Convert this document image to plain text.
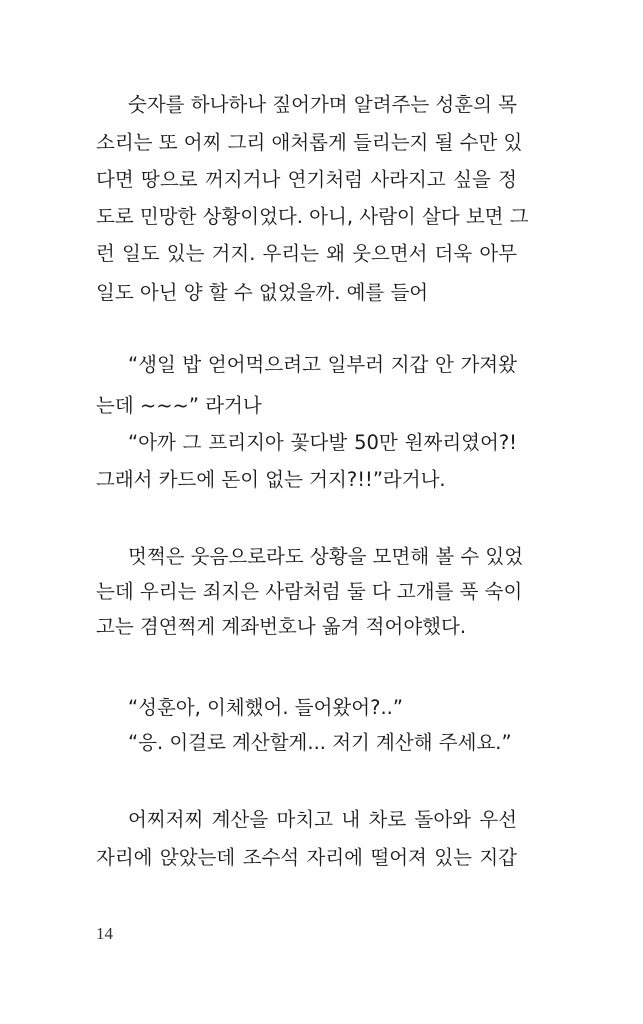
숫자를 하나하나 짚어가며 알려주는 성훈의 목
소리는 또 어찌 그리 애처롭게 들리는지 될 수만 있
다면 땅으로 꺼지거나 연기처럼 사라지고 싶을 정
도로 민망한 상황이었다. 아니, 사람이 살다 보면 그
런 일도 있는 거지. 우리는 왜 웃으면서 더욱 아무
일도 아닌 양 할 수 없었을까. 예를 들어
“생일 밥 얻어먹으려고 일부러 지갑 안 가져왔
는데 ~~~” 라거나
“아까 그 프리지아 꽃다발 50만 원짜리였어?!
그래서 카드에 돈이 없는 거지?!!”라거나.
멋쩍은 웃음으로라도 상황을 모면해 볼 수 있었
는데 우리는 죄지은 사람처럼 둘 다 고개를 푹 숙이
고는 겸연쩍게 계좌번호나 옮겨 적어야했다.
“성훈아, 이체했어. 들어왔어?..”
“응. 이걸로 계산할게... 저기 계산해 주세요.”
어찌저찌 계산을 마치고 내 차로 돌아와 우선
자리에 앉았는데 조수석 자리에 떨어져 있는 지갑
14
